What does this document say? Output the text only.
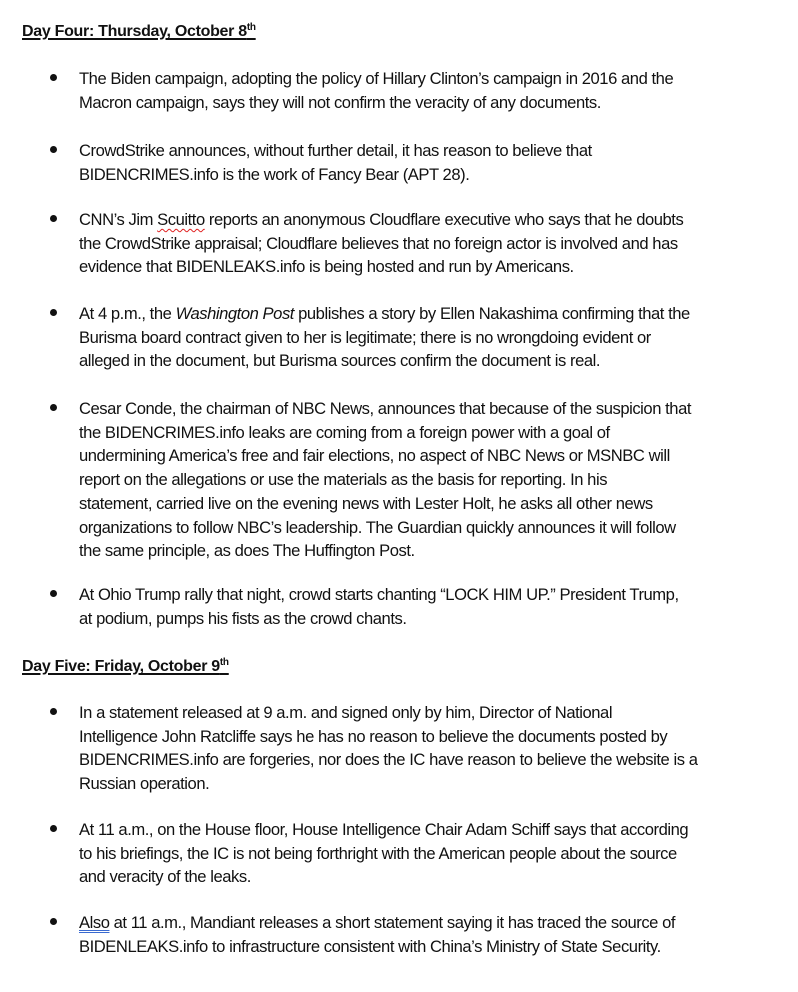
Day Four: Thursday, October 8th
The Biden campaign, adopting the policy of Hillary Clinton’s campaign in 2016 and the
Macron campaign, says they will not confirm the veracity of any documents.
CrowdStrike announces, without further detail, it has reason to believe that
BIDENCRIMES.info is the work of Fancy Bear (APT 28).
CNN’s Jim Scuitto reports an anonymous Cloudflare executive who says that he doubts
the CrowdStrike appraisal; Cloudflare believes that no foreign actor is involved and has
evidence that BIDENLEAKS.info is being hosted and run by Americans.
At 4 p.m., the Washington Post publishes a story by Ellen Nakashima confirming that the
Burisma board contract given to her is legitimate; there is no wrongdoing evident or
alleged in the document, but Burisma sources confirm the document is real.
Cesar Conde, the chairman of NBC News, announces that because of the suspicion that
the BIDENCRIMES.info leaks are coming from a foreign power with a goal of
undermining America’s free and fair elections, no aspect of NBC News or MSNBC will
report on the allegations or use the materials as the basis for reporting. In his
statement, carried live on the evening news with Lester Holt, he asks all other news
organizations to follow NBC’s leadership. The Guardian quickly announces it will follow
the same principle, as does The Huffington Post.
At Ohio Trump rally that night, crowd starts chanting “LOCK HIM UP.” President Trump,
at podium, pumps his fists as the crowd chants.
Day Five: Friday, October 9th
In a statement released at 9 a.m. and signed only by him, Director of National
Intelligence John Ratcliffe says he has no reason to believe the documents posted by
BIDENCRIMES.info are forgeries, nor does the IC have reason to believe the website is a
Russian operation.
At 11 a.m., on the House floor, House Intelligence Chair Adam Schiff says that according
to his briefings, the IC is not being forthright with the American people about the source
and veracity of the leaks.
Also at 11 a.m., Mandiant releases a short statement saying it has traced the source of
BIDENLEAKS.info to infrastructure consistent with China’s Ministry of State Security.
